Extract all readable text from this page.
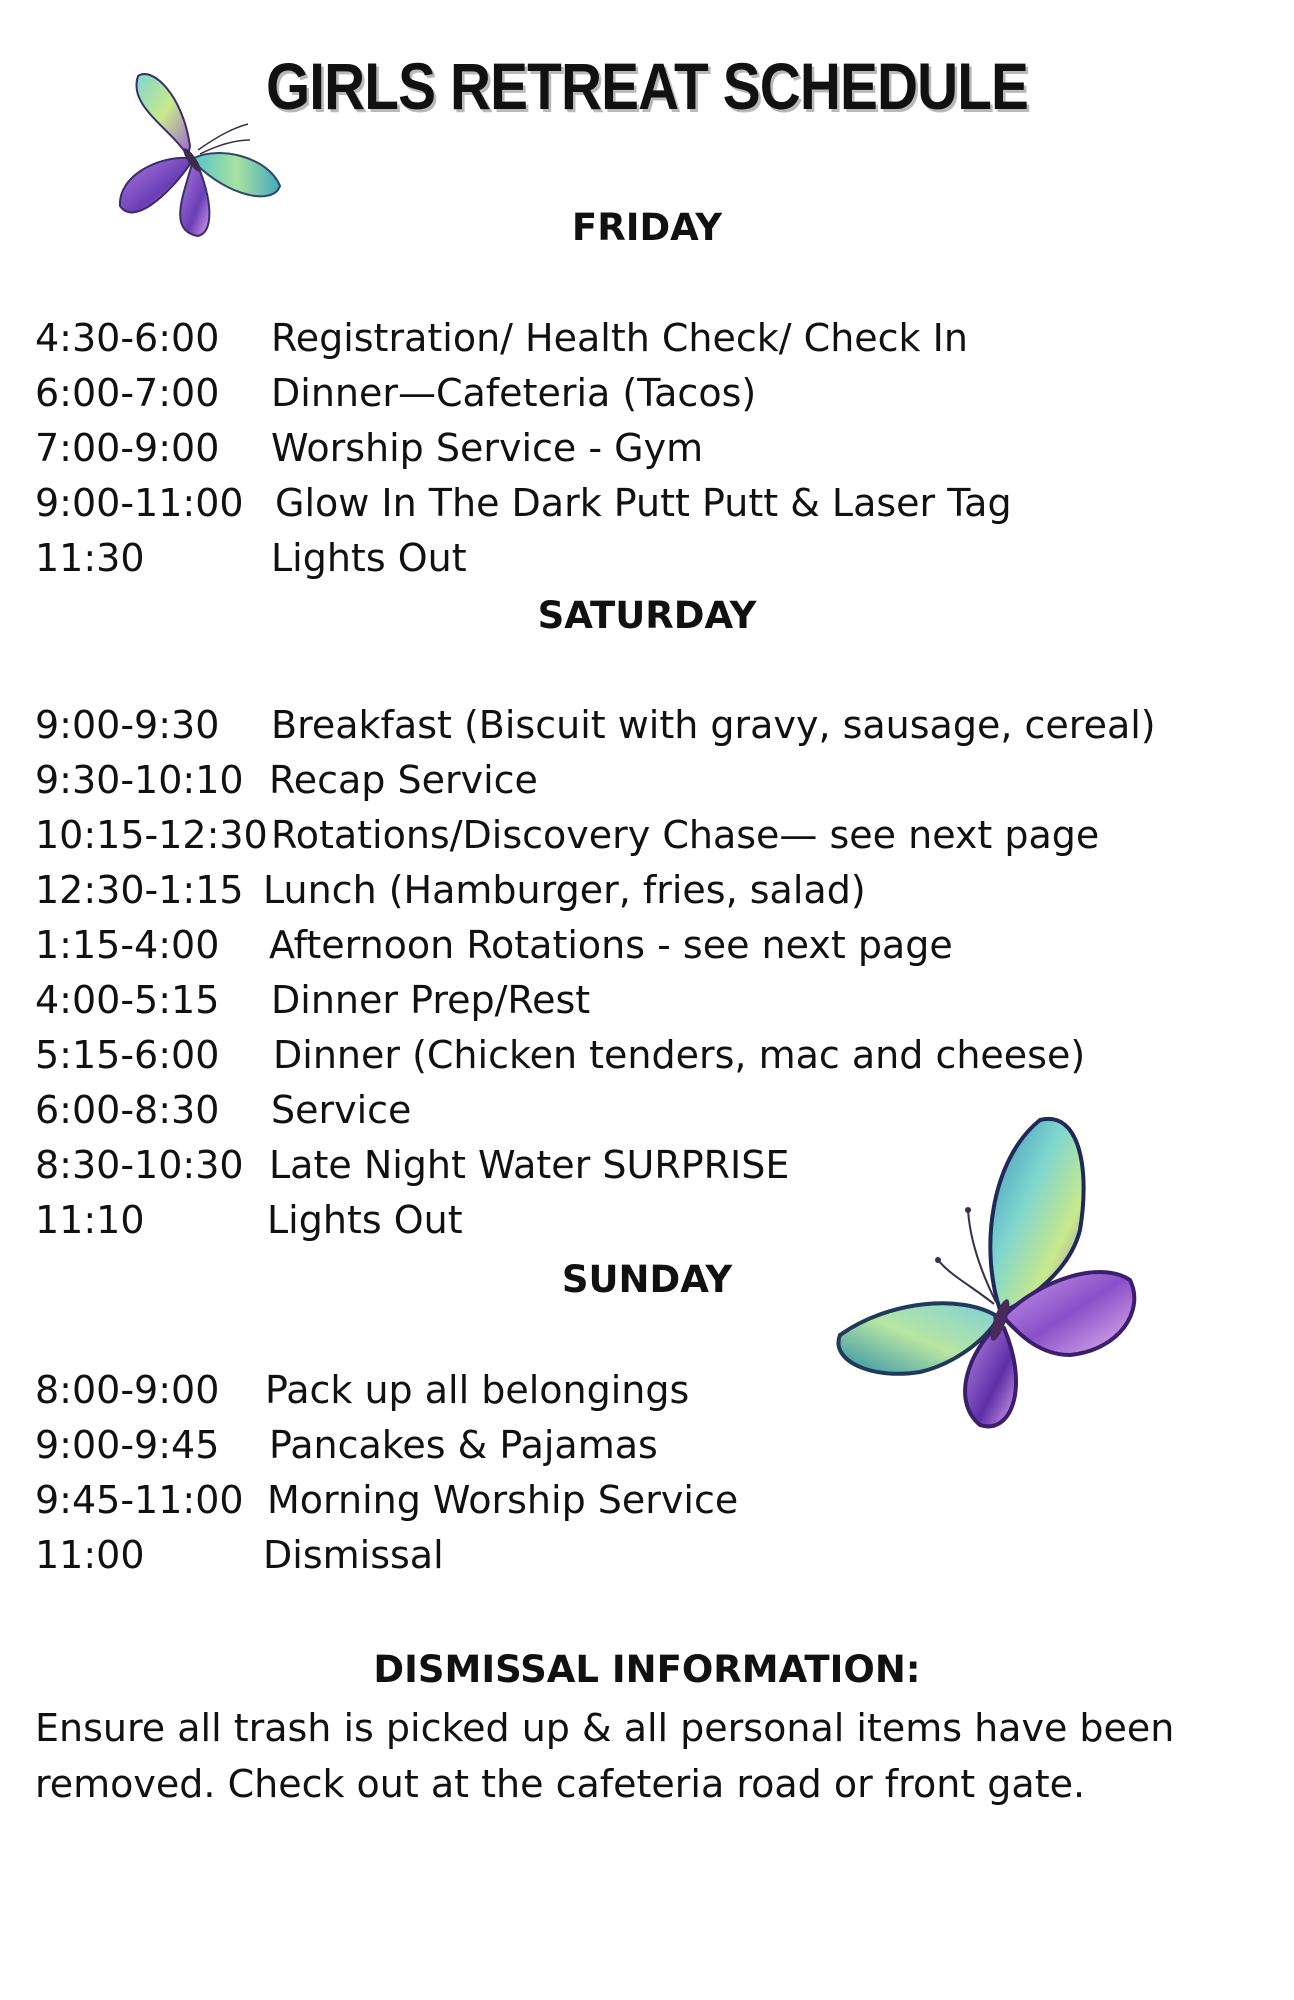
GIRLS RETREAT SCHEDULE
FRIDAY
4:30-6:00 Registration/ Health Check/ Check In
6:00-7:00 Dinner—Cafeteria (Tacos)
7:00-9:00 Worship Service - Gym
9:00-11:00 Glow In The Dark Putt Putt & Laser Tag
11:30	Lights Out
SATURDAY
9:00-9:30 Breakfast (Biscuit with gravy, sausage, cereal)
9:30-10:10 Recap Service
10:15-12:30 Rotations/Discovery Chase— see next page
12:30-1:15 Lunch (Hamburger, fries, salad)
1:15-4:00 Afternoon Rotations - see next page
4:00-5:15 Dinner Prep/Rest
5:15-6:00 Dinner (Chicken tenders, mac and cheese)
6:00-8:30 Service
8:30-10:30 Late Night Water SURPRISE
11:10	Lights Out
SUNDAY
8:00-9:00 Pack up all belongings
9:00-9:45 Pancakes & Pajamas
9:45-11:00 Morning Worship Service
11:00	Dismissal
DISMISSAL INFORMATION:
Ensure all trash is picked up & all personal items have been removed. Check out at the cafeteria road or front gate.
